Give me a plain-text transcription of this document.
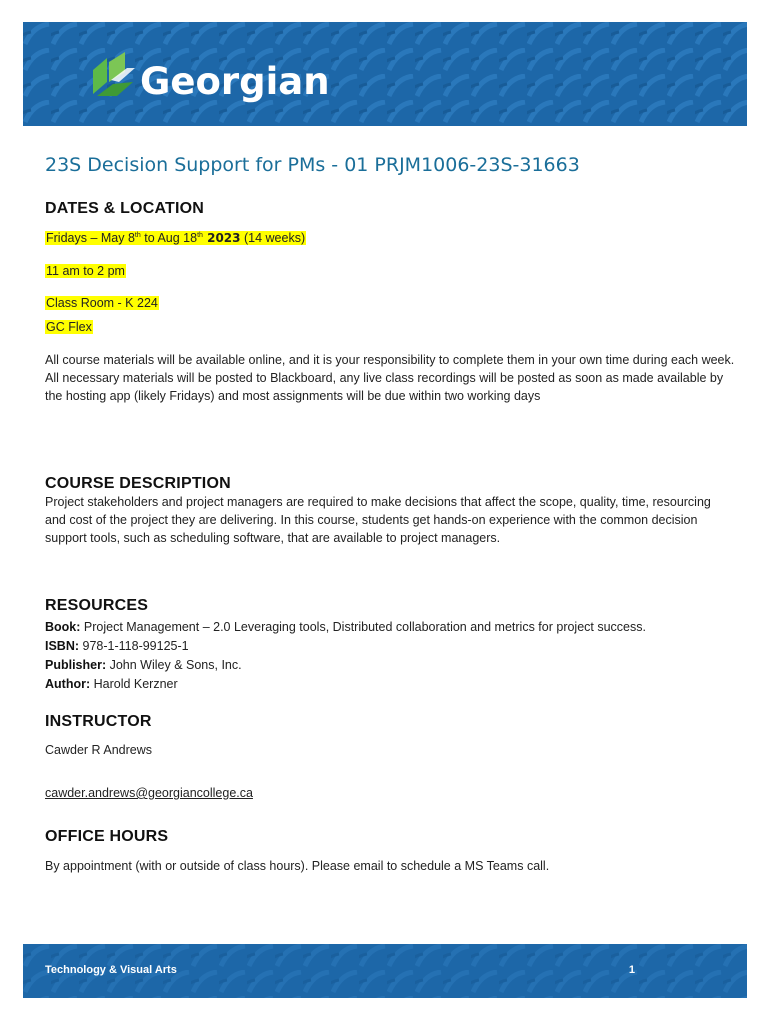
Georgian
23S Decision Support for PMs - 01 PRJM1006-23S-31663
DATES & LOCATION
Fridays – May 8th to Aug 18th 2023 (14 weeks)
11 am to 2 pm
Class Room - K 224
GC Flex
All course materials will be available online, and it is your responsibility to complete them in your own time during each week. All necessary materials will be posted to Blackboard, any live class recordings will be posted as soon as made available by the hosting app (likely Fridays) and most assignments will be due within two working days
COURSE DESCRIPTION
Project stakeholders and project managers are required to make decisions that affect the scope, quality, time, resourcing and cost of the project they are delivering. In this course, students get hands-on experience with the common decision support tools, such as scheduling software, that are available to project managers.
RESOURCES
Book: Project Management – 2.0 Leveraging tools, Distributed collaboration and metrics for project success.
ISBN: 978-1-118-99125-1
Publisher: John Wiley & Sons, Inc.
Author: Harold Kerzner
INSTRUCTOR
Cawder R Andrews
cawder.andrews@georgiancollege.ca
OFFICE HOURS
By appointment (with or outside of class hours). Please email to schedule a MS Teams call.
Technology & Visual Arts	1
